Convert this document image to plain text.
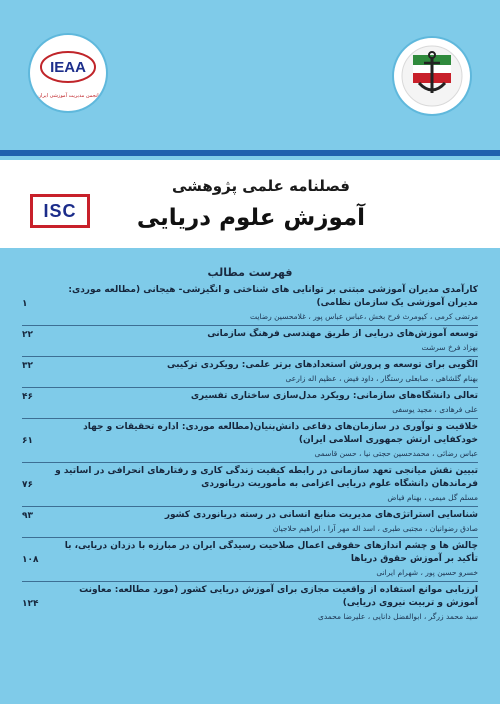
IEAA
انجمن مدیریت آموزشی ایران
فصلنامه علمی پژوهشی
آموزش علوم دریایی
ISC
فهرست مطالب
کارآمدی مدیران آموزشی مبتنی بر توانایی های شناختی و انگیزشی- هیجانی (مطالعه موردی: مدیران آموزشی یک سازمان نظامی)
مرتضی کرمی ، کیومرث فرح بخش ،عباس عباس پور ، غلامحسین رضایت
۱
توسعه آموزش‌های دریایی از طریق مهندسی فرهنگ سازمانی
بهزاد فرخ سرشت
۲۲
الگویی برای توسعه و پرورش استعدادهای برتر علمی: رویکردی ترکیبی
بهنام گلشاهی ، صابعلی رستگار ، داود فیض ، عظیم اله زارعی
۳۲
تعالی دانشگاه‌های سازمانی: رویکرد مدل‌سازی ساختاری تفسیری
علی فرهادی ، مجید یوسفی
۴۶
خلاقیت و نوآوری در سازمان‌های دفاعی دانش‌بنیان(مطالعه موردی: اداره تحقیقات و جهاد خودکفایی ارتش جمهوری اسلامی ایران)
عباس رضائی ، محمدحسین حجتی نیا ، حسن قاسمی
۶۱
تبیین نقش میانجی تعهد سازمانی در رابطه کیفیت زندگی کاری و رفتارهای انحرافی در اساتید و فرماندهان دانشگاه علوم دریایی اعزامی به مأموریت دریانوردی
مسلم گل میمی ، بهنام فیاض
۷۶
شناسایی استراتژی‌های مدیریت منابع انسانی در رسته دریانوردی کشور
صادق رضوانیان ، مجتبی طبری ، اسد اله مهر آرا ، ابراهیم حلاجیان
۹۳
چالش ها و چشم اندازهای حقوقی اعمال صلاحیت رسیدگی ایران در مبارزه با دزدان دریایی، با تأکید بر آموزش حقوق دریاها
خسرو حسین پور ، شهرام ایرانی
۱۰۸
ارزیابی موانع استفاده از واقعیت مجازی برای آموزش دریایی کشور (مورد مطالعه: معاونت آموزش و تربیت نیروی دریایی)
سید محمد زرگر ، ابوالفضل دانایی ، علیرضا محمدی
۱۲۴
